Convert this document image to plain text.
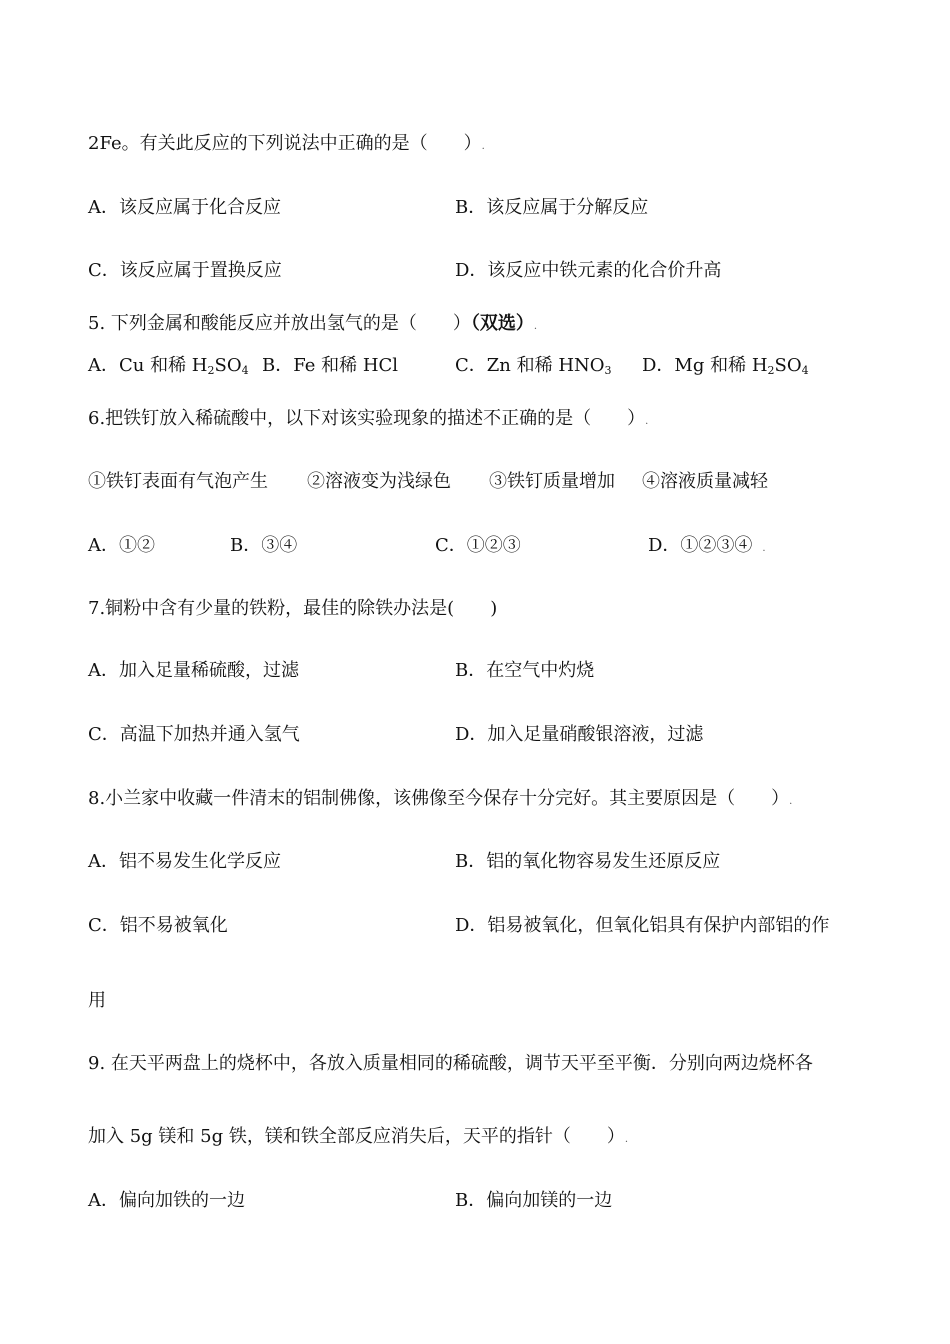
2Fe。有关此反应的下列说法中正确的是（　　）.
A．该反应属于化合反应	B．该反应属于分解反应
C．该反应属于置换反应	D．该反应中铁元素的化合价升高
5. 下列金属和酸能反应并放出氢气的是（　　）（双选）.
A．Cu 和稀 $H_2SO_4$ B．Fe 和稀 HCl	C．Zn 和稀 $HNO_3$ D．Mg 和稀 $H_2SO_4$
6.把铁钉放入稀硫酸中，以下对该实验现象的描述不正确的是（　　）.
①铁钉表面有气泡产生 ②溶液变为浅绿色 ③铁钉质量增加 ④溶液质量减轻
A．①②	B．③④	C．①②③	D．①②③④　.
7.铜粉中含有少量的铁粉，最佳的除铁办法是(　　)
A．加入足量稀硫酸，过滤	B．在空气中灼烧
C．高温下加热并通入氢气	D．加入足量硝酸银溶液，过滤
8.小兰家中收藏一件清末的铝制佛像，该佛像至今保存十分完好。其主要原因是（　　）.
A．铝不易发生化学反应	B．铝的氧化物容易发生还原反应
C．铝不易被氧化	D．铝易被氧化，但氧化铝具有保护内部铝的作
用
9. 在天平两盘上的烧杯中，各放入质量相同的稀硫酸，调节天平至平衡．分别向两边烧杯各
加入 5g 镁和 5g 铁，镁和铁全部反应消失后，天平的指针（　　）.
A．偏向加铁的一边	B．偏向加镁的一边
